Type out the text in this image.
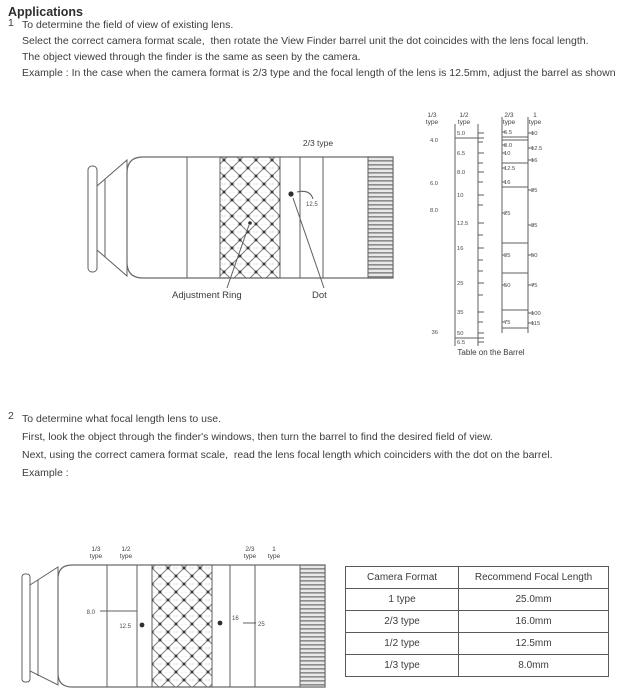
Applications
1 To determine the field of view of existing lens.
Select the correct camera format scale,  then rotate the View Finder barrel unit the dot coincides with the lens focal length.
The object viewed through the finder is the same as seen by the camera.
Example : In the case when the camera format is 2/3 type and the focal length of the lens is 12.5mm, adjust the barrel as shown
12.5
2/3 type
Adjustment Ring	Dot
1/3
type
1/2
type
2/3
type
1
type
5.0
6.5
8.0
10
12.5
16
25
35
50
6.5
4.0
6.0
8.0
36
6.5
8.0
10
12.5
16
25
35
50
75
10
12.5
16
25
35
50
75
100
115
Table on the Barrel
2 To determine what focal length lens to use.
First, look the object through the finder's windows, then turn the barrel to find the desired field of view.
Next, using the correct camera format scale,  read the lens focal length which coinciders with the dot on the barrel.
Example :
1/3
type
1/2
type
2/3
type
1
type
8.0
12.5
16
25
Camera Format	Recommend Focal Length
1 type	25.0mm
2/3 type	16.0mm
1/2 type	12.5mm
1/3 type	8.0mm
